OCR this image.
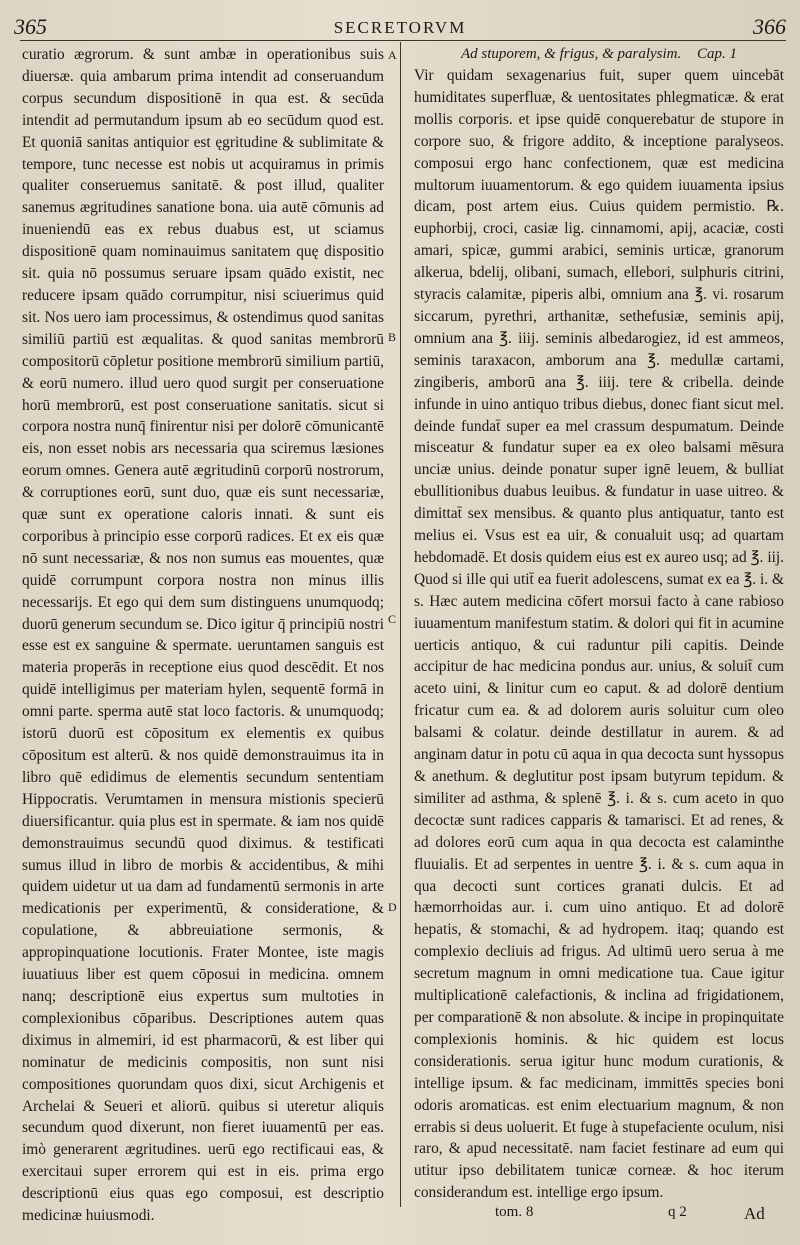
365	SECRETORVM	366

curatio ægrorum. & sunt ambæ in operationibus suis diuersæ. quia ambarum prima intendit ad conseruandum corpus secundum dispositionē in qua est. & secūda intendit ad permutandum ipsum ab eo secūdum quod est. Et quoniā sanitas antiquior est ęgritudine & sublimitate & tempore, tunc necesse est nobis ut acquiramus in primis qualiter conseruemus sanitatē. & post illud, qualiter sanemus ægritudines sanatione bona. uia autē cōmunis ad inueniendū eas ex rebus duabus est, ut sciamus dispositionē quam nominauimus sanitatem quę dispositio sit. quia nō possumus seruare ipsam quādo existit, nec reducere ipsam quādo corrumpitur, nisi sciuerimus quid sit. Nos uero iam processimus, & ostendimus quod sanitas similiū partiū est æqualitas. & quod sanitas membrorū compositorū cōpletur positione membrorū similium partiū, & eorū numero. illud uero quod surgit per conseruatione horū membrorū, est post conseruatione sanitatis. sicut si corpora nostra nunq̄ finirentur nisi per dolorē cōmunicantē eis, non esset nobis ars necessaria qua sciremus læsiones eorum omnes. Genera autē ægritudinū corporū nostrorum, & corruptiones eorū, sunt duo, quæ eis sunt necessariæ, quæ sunt ex operatione caloris innati. & sunt eis corporibus à principio esse corporū radices. Et ex eis quæ nō sunt necessariæ, & nos non sumus eas mouentes, quæ quidē corrumpunt corpora nostra non minus illis necessarijs. Et ego qui dem sum distinguens unumquodq; duorū generum secundum se. Dico igitur q̄ principiū nostri esse est ex sanguine & spermate. ueruntamen sanguis est materia properās in receptione eius quod descēdit. Et nos quidē intelligimus per materiam hylen, sequentē formā in omni parte. sperma autē stat loco factoris. & unumquodq; istorū duorū est cōpositum ex elementis ex quibus cōpositum est alterū. & nos quidē demonstrauimus ita in libro quē edidimus de elementis secundum sententiam Hippocratis. Verumtamen in mensura mistionis specierū diuersificantur. quia plus est in spermate. & iam nos quidē demonstrauimus secundū quod diximus. & testificati sumus illud in libro de morbis & accidentibus, & mihi quidem uidetur ut ua dam ad fundamentū sermonis in arte medicationis per experimentū, & consideratione, & copulatione, & abbreuiatione sermonis, & appropinquatione locutionis. Frater Montee, iste magis iuuatiuus liber est quem cōposui in medicina. omnem nanq; descriptionē eius expertus sum multoties in complexionibus cōparibus. Descriptiones autem quas diximus in almemiri, id est pharmacorū, & est liber qui nominatur de medicinis compositis, non sunt nisi compositiones quorundam quos dixi, sicut Archigenis et Archelai & Seueri et aliorū. quibus si uteretur aliquis secundum quod dixerunt, non fieret iuuamentū per eas. imò generarent ægritudines. uerū ego rectificaui eas, & exercitaui super errorem qui est in eis. prima ergo descriptionū eius quas ego composui, est descriptio medicinæ huiusmodi.

A
B
C
D

Ad stuporem, & frigus, & paralysim. Cap. 1

Vir quidam sexagenarius fuit, super quem uincebāt humiditates superfluæ, & uentositates phlegmaticæ. & erat mollis corporis. et ipse quidē conquerebatur de stupore in corpore suo, & frigore addito, & inceptione paralyseos. composui ergo hanc confectionem, quæ est medicina multorum iuuamentorum. & ego quidem iuuamenta ipsius dicam, post artem eius. Cuius quidem permistio. ℞. euphorbij, croci, casiæ lig. cinnamomi, apij, acaciæ, costi amari, spicæ, gummi arabici, seminis urticæ, granorum alkerua, bdelij, olibani, sumach, ellebori, sulphuris citrini, styracis calamitæ, piperis albi, omnium ana ℥. vi. rosarum siccarum, pyrethri, arthanitæ, sethefusiæ, seminis apij, omnium ana ℥. iiij. seminis albedarogiez, id est ammeos, seminis taraxacon, amborum ana ℥. medullæ cartami, zingiberis, amborū ana ℥. iiij. tere & cribella. deinde infunde in uino antiquo tribus diebus, donec fiant sicut mel. deinde fundat̄ super ea mel crassum despumatum. Deinde misceatur & fundatur super ea ex oleo balsami mēsura unciæ unius. deinde ponatur super ignē leuem, & bulliat ebullitionibus duabus leuibus. & fundatur in uase uitreo. & dimittat̄ sex mensibus. & quanto plus antiquatur, tanto est melius ei. Vsus est ea uir, & conualuit usq; ad quartam hebdomadē. Et dosis quidem eius est ex aureo usq; ad ℥. iij. Quod si ille qui utit̄ ea fuerit adolescens, sumat ex ea ℥. i. & s. Hæc autem medicina cōfert morsui facto à cane rabioso iuuamentum manifestum statim. & dolori qui fit in acumine uerticis antiquo, & cui raduntur pili capitis. Deinde accipitur de hac medicina pondus aur. unius, & soluit̄ cum aceto uini, & linitur cum eo caput. & ad dolorē dentium fricatur cum ea. & ad dolorem auris soluitur cum oleo balsami & colatur. deinde destillatur in aurem. & ad anginam datur in potu cū aqua in qua decocta sunt hyssopus & anethum. & deglutitur post ipsam butyrum tepidum. & similiter ad asthma, & splenē ℥. i. & s. cum aceto in quo decoctæ sunt radices capparis & tamarisci. Et ad renes, & ad dolores eorū cum aqua in qua decocta est calaminthe fluuialis. Et ad serpentes in uentre ℥. i. & s. cum aqua in qua decocti sunt cortices granati dulcis. Et ad hæmorrhoidas aur. i. cum uino antiquo. Et ad dolorē hepatis, & stomachi, & ad hydropem. itaq; quando est complexio decliuis ad frigus. Ad ultimū uero serua à me secretum magnum in omni medicatione tua. Caue igitur multiplicationē calefactionis, & inclina ad frigidationem, per comparationē & non absolute. & incipe in propinquitate complexionis hominis. & hic quidem est locus considerationis. serua igitur hunc modum curationis, & intellige ipsum. & fac medicinam, immittēs species boni odoris aromaticas. est enim electuarium magnum, & non errabis si deus uoluerit. Et fuge à stupefaciente oculum, nisi raro, & apud necessitatē. nam faciet festinare ad eum qui utitur ipso debilitatem tunicæ corneæ. & hoc iterum considerandum est. intellige ergo ipsum.

tom. 8	q 2	Ad
